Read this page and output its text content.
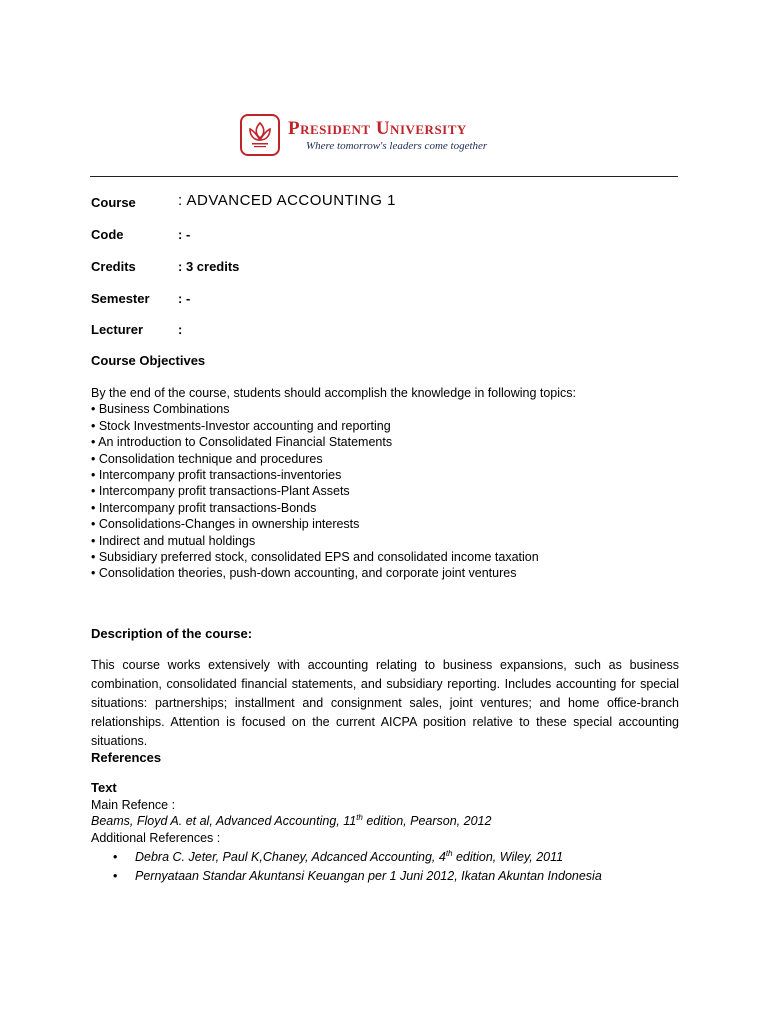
President University
Where tomorrow's leaders come together
Course	: ADVANCED ACCOUNTING 1
Code	: -
Credits	: 3 credits
Semester	: -
Lecturer	:
Course Objectives
By the end of the course, students should accomplish the knowledge in following topics:
• Business Combinations
• Stock Investments-Investor accounting and reporting
• An introduction to Consolidated Financial Statements
• Consolidation technique and procedures
• Intercompany profit transactions-inventories
• Intercompany profit transactions-Plant Assets
• Intercompany profit transactions-Bonds
• Consolidations-Changes in ownership interests
• Indirect and mutual holdings
• Subsidiary preferred stock, consolidated EPS and consolidated income taxation
• Consolidation theories, push-down accounting, and corporate joint ventures
Description of the course:
This course works extensively with accounting relating to business expansions, such as business combination, consolidated financial statements, and subsidiary reporting. Includes accounting for special situations: partnerships; installment and consignment sales, joint ventures; and home office-branch relationships. Attention is focused on the current AICPA position relative to these special accounting situations.
References
Text
Main Refence :
Beams, Floyd A. et al, Advanced Accounting, 11th edition, Pearson, 2012
Additional References :
• Debra C. Jeter, Paul K,Chaney, Adcanced Accounting, 4th edition, Wiley, 2011
• Pernyataan Standar Akuntansi Keuangan per 1 Juni 2012, Ikatan Akuntan Indonesia
